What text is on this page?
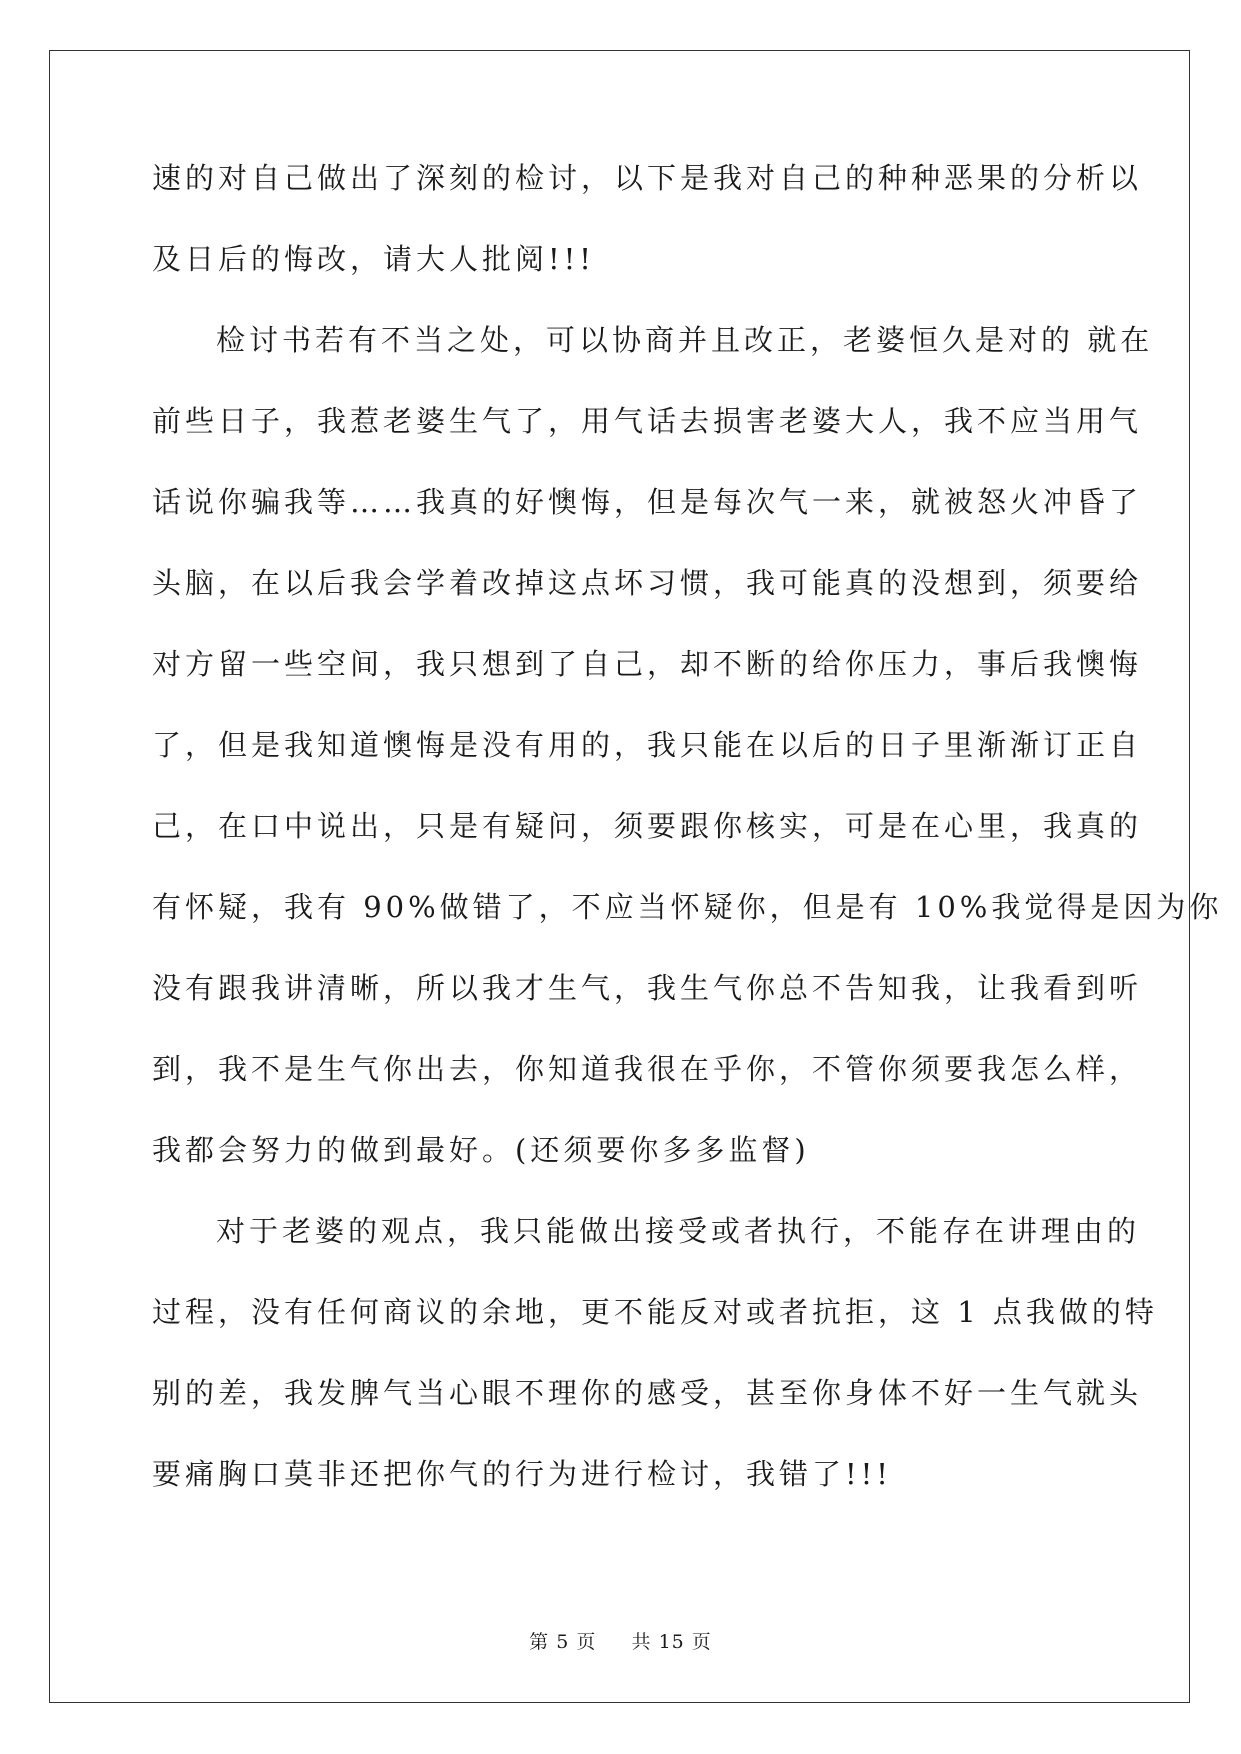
速的对自己做出了深刻的检讨，以下是我对自己的种种恶果的分析以
及日后的悔改，请大人批阅!!!
检讨书若有不当之处，可以协商并且改正，老婆恒久是对的 就在
前些日子，我惹老婆生气了，用气话去损害老婆大人，我不应当用气
话说你骗我等……我真的好懊悔，但是每次气一来，就被怒火冲昏了
头脑，在以后我会学着改掉这点坏习惯，我可能真的没想到，须要给
对方留一些空间，我只想到了自己，却不断的给你压力，事后我懊悔
了，但是我知道懊悔是没有用的，我只能在以后的日子里渐渐订正自
己，在口中说出，只是有疑问，须要跟你核实，可是在心里，我真的
有怀疑，我有 90%做错了，不应当怀疑你，但是有 10%我觉得是因为你
没有跟我讲清晰，所以我才生气，我生气你总不告知我，让我看到听
到，我不是生气你出去，你知道我很在乎你，不管你须要我怎么样，
我都会努力的做到最好。(还须要你多多监督)
对于老婆的观点，我只能做出接受或者执行，不能存在讲理由的
过程，没有任何商议的余地，更不能反对或者抗拒，这 1 点我做的特
别的差，我发脾气当心眼不理你的感受，甚至你身体不好一生气就头
要痛胸口莫非还把你气的行为进行检讨，我错了!!!
第 5 页 共 15 页
